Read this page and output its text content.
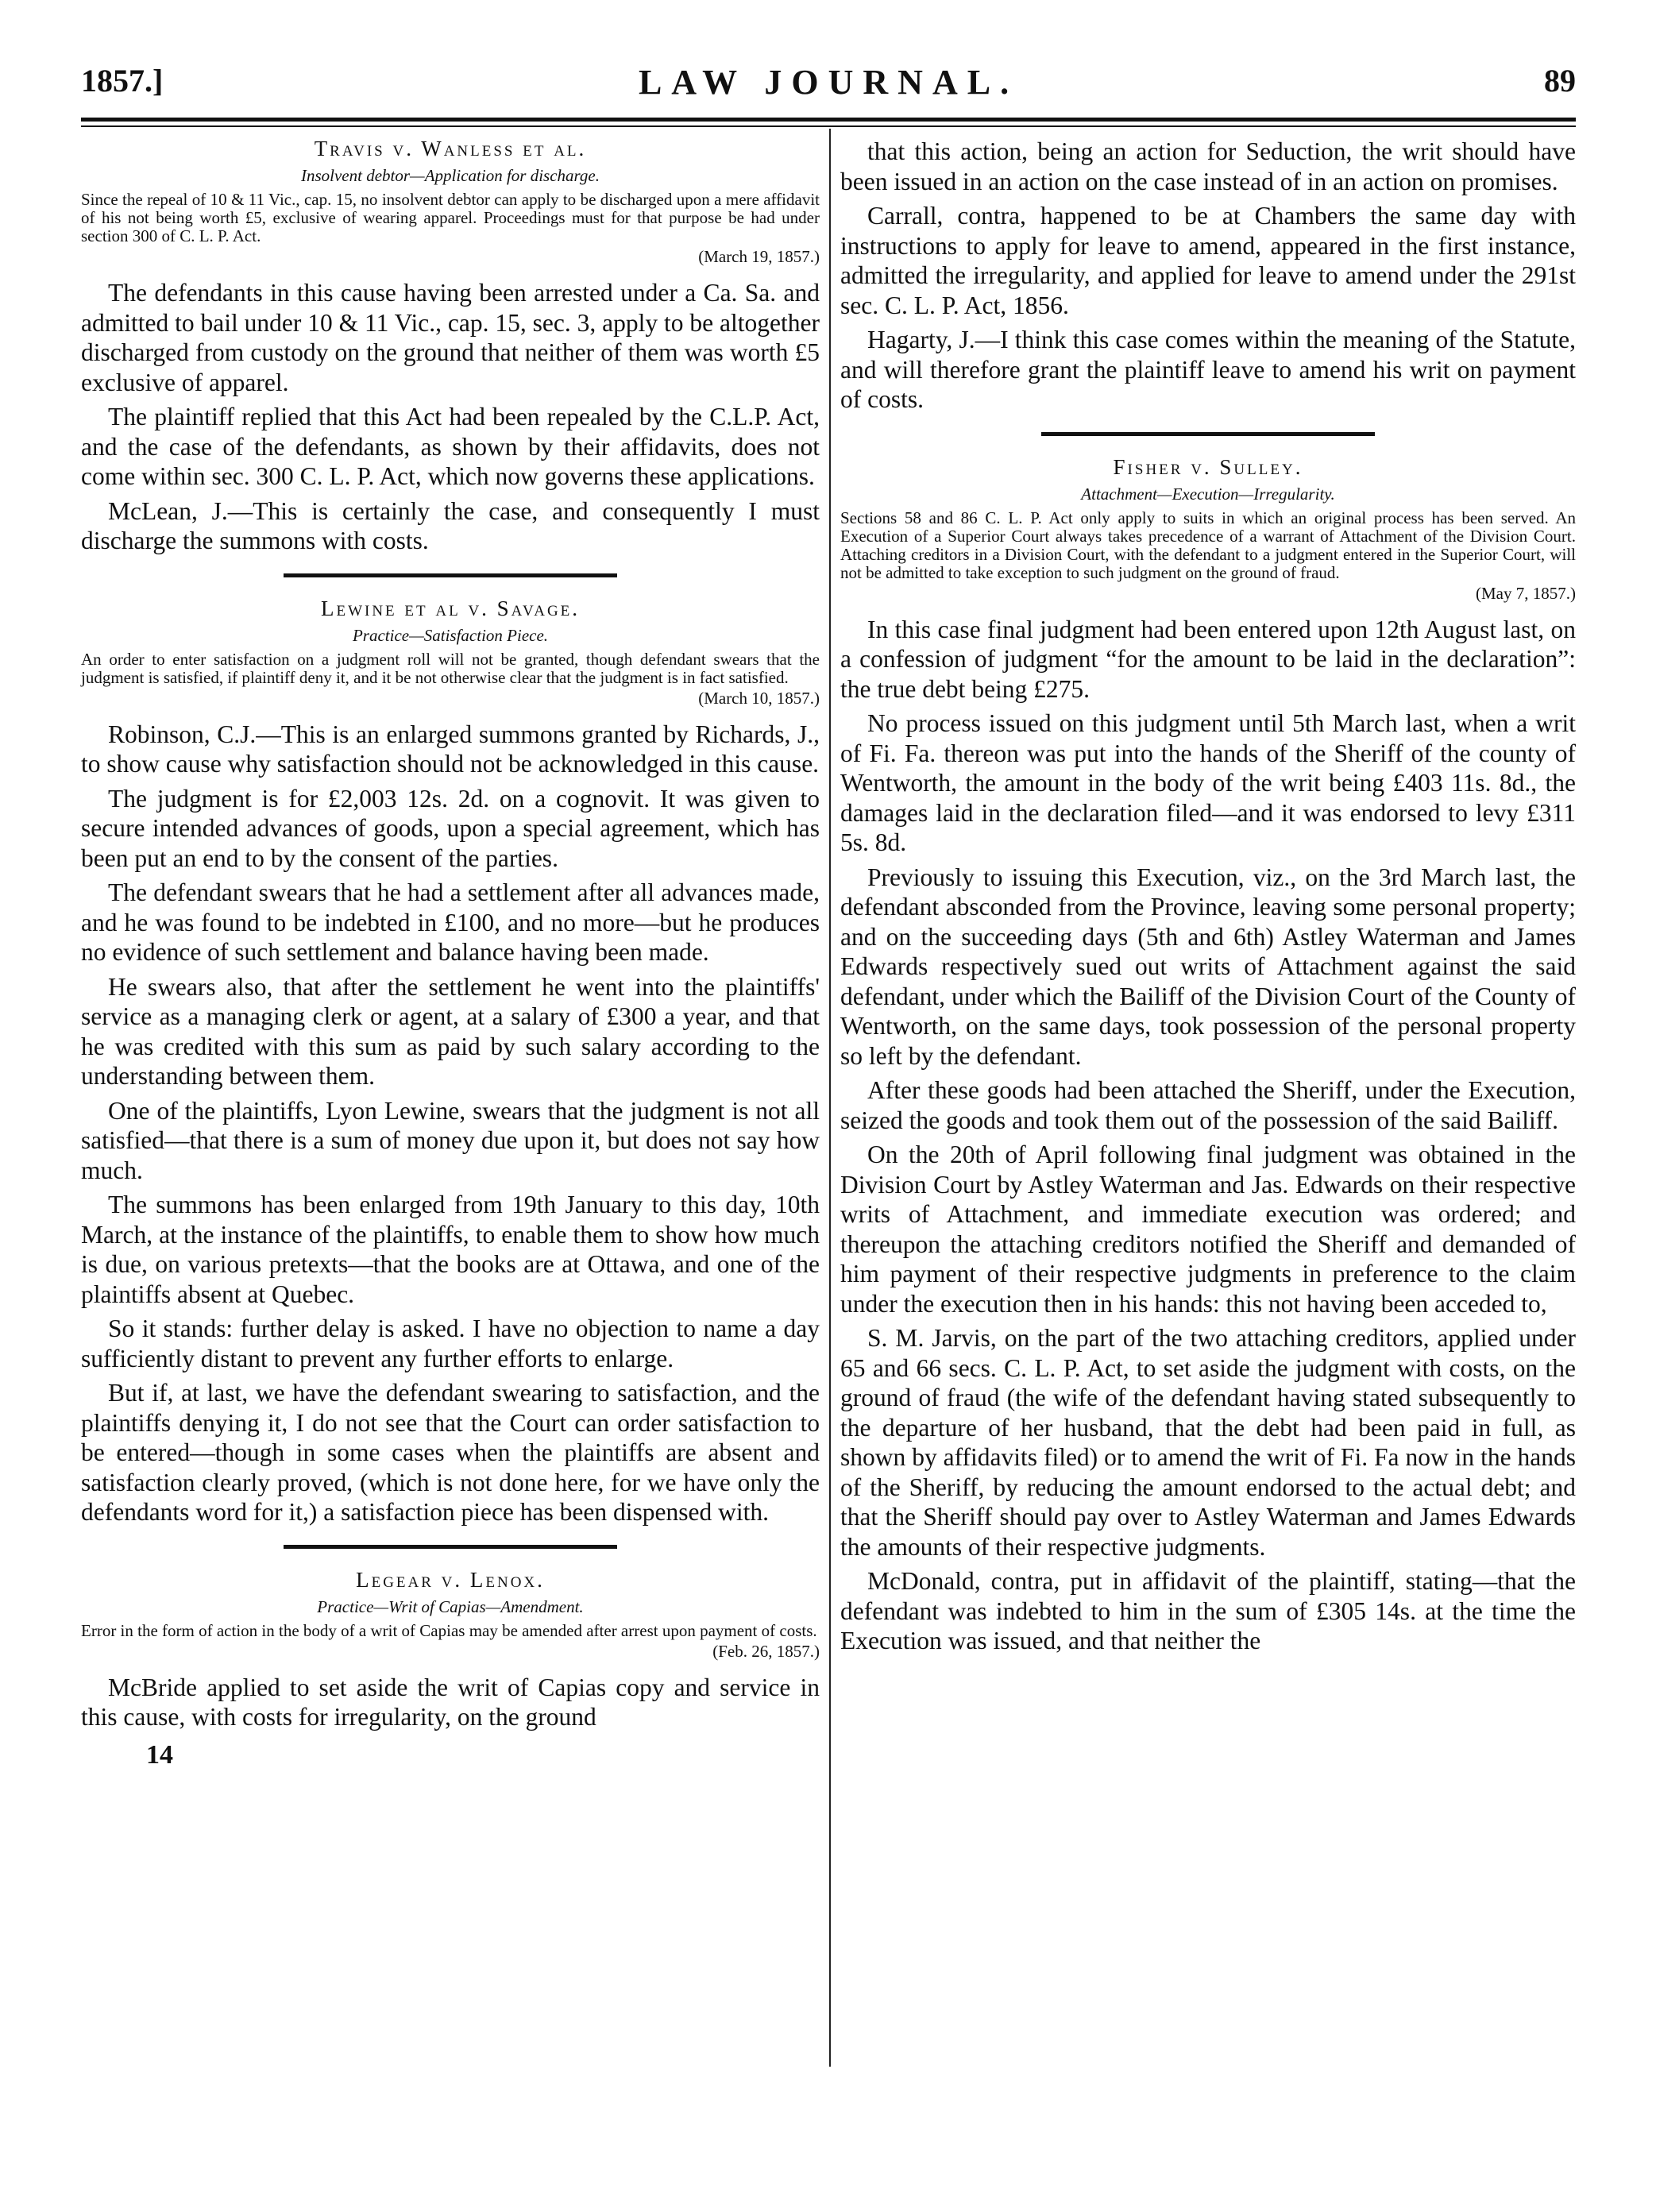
1857.]	LAW JOURNAL.	89
Travis v. Wanless et al.
Insolvent debtor—Application for discharge.
Since the repeal of 10 & 11 Vic., cap. 15, no insolvent debtor can apply to be discharged upon a mere affidavit of his not being worth £5, exclusive of wearing apparel. Proceedings must for that purpose be had under section 300 of C. L. P. Act.
(March 19, 1857.)

The defendants in this cause having been arrested under a Ca. Sa. and admitted to bail under 10 & 11 Vic., cap. 15, sec. 3, apply to be altogether discharged from custody on the ground that neither of them was worth £5 exclusive of apparel.

The plaintiff replied that this Act had been repealed by the C.L.P. Act, and the case of the defendants, as shown by their affidavits, does not come within sec. 300 C. L. P. Act, which now governs these applications.

McLean, J.—This is certainly the case, and consequently I must discharge the summons with costs.

Lewine et al v. Savage.
Practice—Satisfaction Piece.
An order to enter satisfaction on a judgment roll will not be granted, though defendant swears that the judgment is satisfied, if plaintiff deny it, and it be not otherwise clear that the judgment is in fact satisfied.
(March 10, 1857.)

Robinson, C.J.—This is an enlarged summons granted by Richards, J., to show cause why satisfaction should not be acknowledged in this cause.

The judgment is for £2,003 12s. 2d. on a cognovit. It was given to secure intended advances of goods, upon a special agreement, which has been put an end to by the consent of the parties.

The defendant swears that he had a settlement after all advances made, and he was found to be indebted in £100, and no more—but he produces no evidence of such settlement and balance having been made.

He swears also, that after the settlement he went into the plaintiffs' service as a managing clerk or agent, at a salary of £300 a year, and that he was credited with this sum as paid by such salary according to the understanding between them.

One of the plaintiffs, Lyon Lewine, swears that the judgment is not all satisfied—that there is a sum of money due upon it, but does not say how much.

The summons has been enlarged from 19th January to this day, 10th March, at the instance of the plaintiffs, to enable them to show how much is due, on various pretexts—that the books are at Ottawa, and one of the plaintiffs absent at Quebec.

So it stands: further delay is asked. I have no objection to name a day sufficiently distant to prevent any further efforts to enlarge.

But if, at last, we have the defendant swearing to satisfaction, and the plaintiffs denying it, I do not see that the Court can order satisfaction to be entered—though in some cases when the plaintiffs are absent and satisfaction clearly proved, (which is not done here, for we have only the defendants word for it,) a satisfaction piece has been dispensed with.

Legear v. Lenox.
Practice—Writ of Capias—Amendment.
Error in the form of action in the body of a writ of Capias may be amended after arrest upon payment of costs.
(Feb. 26, 1857.)

McBride applied to set aside the writ of Capias copy and service in this cause, with costs for irregularity, on the ground

14

that this action, being an action for Seduction, the writ should have been issued in an action on the case instead of in an action on promises.

Carrall, contra, happened to be at Chambers the same day with instructions to apply for leave to amend, appeared in the first instance, admitted the irregularity, and applied for leave to amend under the 291st sec. C. L. P. Act, 1856.

Hagarty, J.—I think this case comes within the meaning of the Statute, and will therefore grant the plaintiff leave to amend his writ on payment of costs.

Fisher v. Sulley.
Attachment—Execution—Irregularity.
Sections 58 and 86 C. L. P. Act only apply to suits in which an original process has been served. An Execution of a Superior Court always takes precedence of a warrant of Attachment of the Division Court. Attaching creditors in a Division Court, with the defendant to a judgment entered in the Superior Court, will not be admitted to take exception to such judgment on the ground of fraud.
(May 7, 1857.)

In this case final judgment had been entered upon 12th August last, on a confession of judgment “for the amount to be laid in the declaration”: the true debt being £275.

No process issued on this judgment until 5th March last, when a writ of Fi. Fa. thereon was put into the hands of the Sheriff of the county of Wentworth, the amount in the body of the writ being £403 11s. 8d., the damages laid in the declaration filed—and it was endorsed to levy £311 5s. 8d.

Previously to issuing this Execution, viz., on the 3rd March last, the defendant absconded from the Province, leaving some personal property; and on the succeeding days (5th and 6th) Astley Waterman and James Edwards respectively sued out writs of Attachment against the said defendant, under which the Bailiff of the Division Court of the County of Wentworth, on the same days, took possession of the personal property so left by the defendant.

After these goods had been attached the Sheriff, under the Execution, seized the goods and took them out of the possession of the said Bailiff.

On the 20th of April following final judgment was obtained in the Division Court by Astley Waterman and Jas. Edwards on their respective writs of Attachment, and immediate execution was ordered; and thereupon the attaching creditors notified the Sheriff and demanded of him payment of their respective judgments in preference to the claim under the execution then in his hands: this not having been acceded to,

S. M. Jarvis, on the part of the two attaching creditors, applied under 65 and 66 secs. C. L. P. Act, to set aside the judgment with costs, on the ground of fraud (the wife of the defendant having stated subsequently to the departure of her husband, that the debt had been paid in full, as shown by affidavits filed) or to amend the writ of Fi. Fa now in the hands of the Sheriff, by reducing the amount endorsed to the actual debt; and that the Sheriff should pay over to Astley Waterman and James Edwards the amounts of their respective judgments.

McDonald, contra, put in affidavit of the plaintiff, stating—that the defendant was indebted to him in the sum of £305 14s. at the time the Execution was issued, and that neither the
